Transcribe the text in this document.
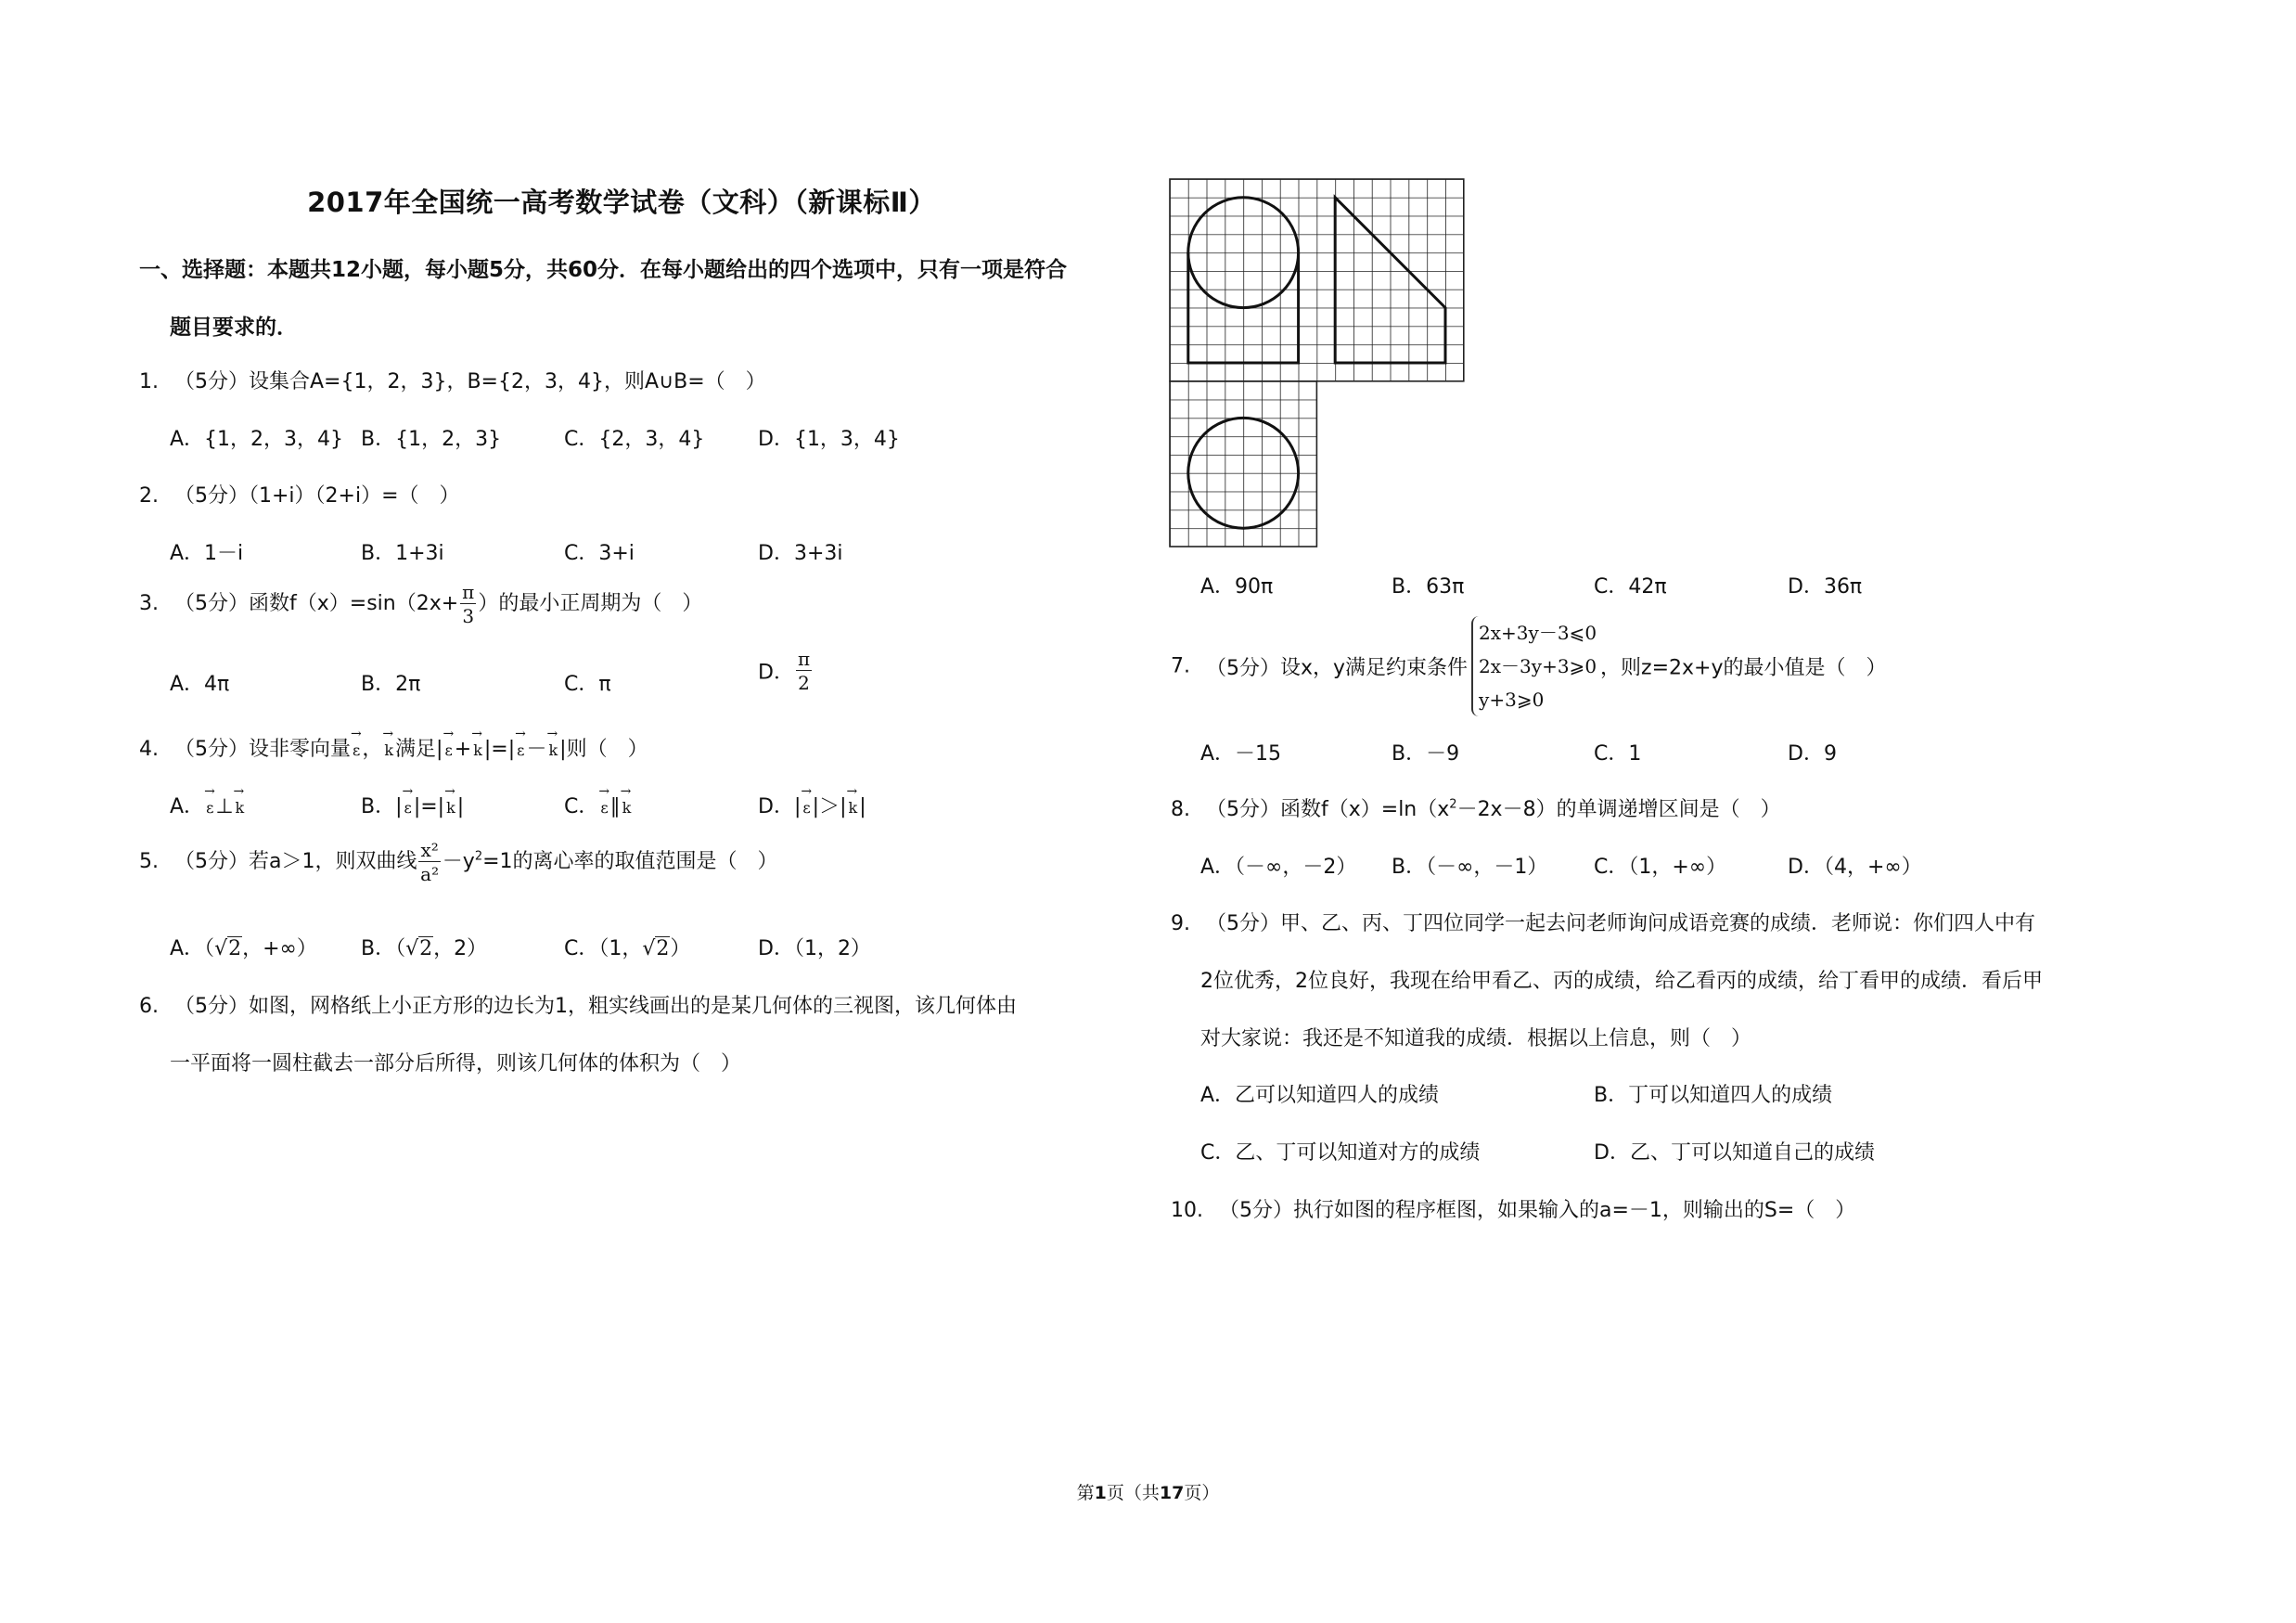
2017年全国统一高考数学试卷（文科）（新课标Ⅱ）
一、选择题：本题共12小题，每小题5分，共60分．在每小题给出的四个选项中，只有一项是符合
题目要求的．
1. （5分）设集合A={1，2，3}，B={2，3，4}，则A∪B=（　）
A．{1，2，3，4} B．{1，2，3}	C．{2，3，4}	D．{1，3，4}
2. （5分）（1+i）（2+i）=（　）
A．1－i	B．1+3i	C．3+i	D．3+3i
3. （5分）函数$f(x)=\sin(2x+ \frac{\pi}{3}$ ）的最小正周期为（　）
A．4π	B．2π	C．π	D． $\frac{\pi}{2}$
4. （5分）设非零向量 → ε， → k满足| → ε+ → k|=| → ε－ → k|则（　）
A． → ε⊥ → k	B．| → ε|=| → k|	C． → ε∥ → k	D．| → ε|＞| → k|
5. （5分）若a＞1，则双曲线 $\frac{\text{x²}}{\text{a²}} -y^2=1$的离心率的取值范围是（　）
A．（√2，+∞） B．（√2，2）	C．（1，√2）	D．（1，2）
6. （5分）如图，网格纸上小正方形的边长为1，粗实线画出的是某几何体的三视图，该几何体由
一平面将一圆柱截去一部分后所得，则该几何体的体积为（　）
A．90π	B．63π	C．42π	D．36π
7. （5分）设x，y满足约束条件
2x+3y－3⩽0
2x－3y+3⩾0
y+3⩾0
，则z=2x+y的最小值是（　）
A．－15	B．－9	C．1	D．9
8. （5分）函数$f(x)=\ln(x^2-2x-8)$的单调递增区间是（　）
A．（－∞，－2） B．（－∞，－1） C．（1，+∞）	D．（4，+∞）
9. （5分）甲、乙、丙、丁四位同学一起去问老师询问成语竞赛的成绩．老师说：你们四人中有
2位优秀，2位良好，我现在给甲看乙、丙的成绩，给乙看丙的成绩，给丁看甲的成绩．看后甲
对大家说：我还是不知道我的成绩．根据以上信息，则（　）
A．乙可以知道四人的成绩	B．丁可以知道四人的成绩
C．乙、丁可以知道对方的成绩	D．乙、丁可以知道自己的成绩
10. （5分）执行如图的程序框图，如果输入的a=－1，则输出的S=（　）
第1页（共17页）
